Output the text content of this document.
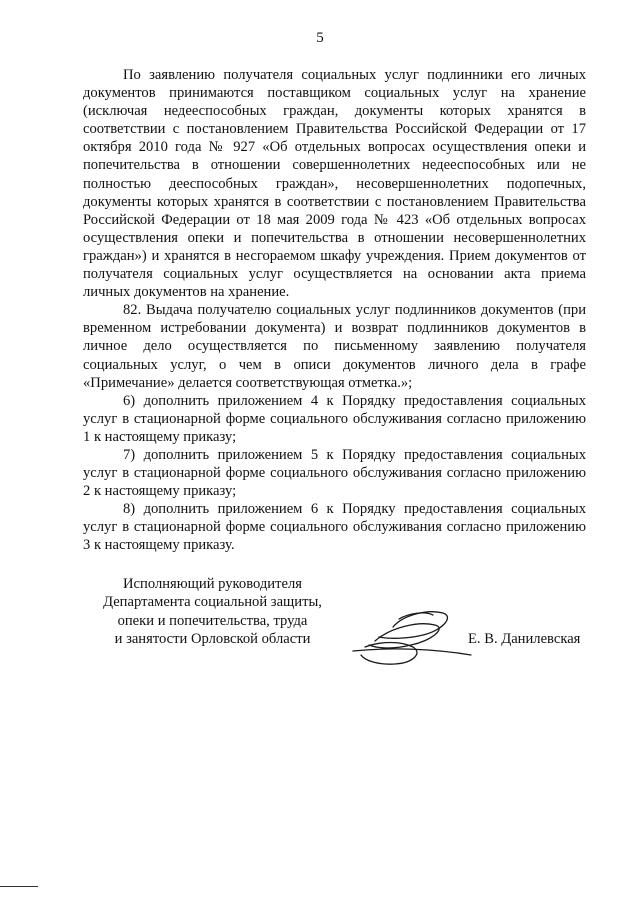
5

По заявлению получателя социальных услуг подлинники его личных документов принимаются поставщиком социальных услуг на хранение (исключая недееспособных граждан, документы которых хранятся в соответствии с постановлением Правительства Российской Федерации от 17 октября 2010 года № 927 «Об отдельных вопросах осуществления опеки и попечительства в отношении совершеннолетних недееспособных или не полностью дееспособных граждан», несовершеннолетних подопечных, документы которых хранятся в соответствии с постановлением Правительства Российской Федерации от 18 мая 2009 года № 423 «Об отдельных вопросах осуществления опеки и попечительства в отношении несовершеннолетних граждан») и хранятся в несгораемом шкафу учреждения. Прием документов от получателя социальных услуг осуществляется на основании акта приема личных документов на хранение.

82. Выдача получателю социальных услуг подлинников документов (при временном истребовании документа) и возврат подлинников документов в личное дело осуществляется по письменному заявлению получателя социальных услуг, о чем в описи документов личного дела в графе «Примечание» делается соответствующая отметка.»;

6) дополнить приложением 4 к Порядку предоставления социальных услуг в стационарной форме социального обслуживания согласно приложению 1 к настоящему приказу;

7) дополнить приложением 5 к Порядку предоставления социальных услуг в стационарной форме социального обслуживания согласно приложению 2 к настоящему приказу;

8) дополнить приложением 6 к Порядку предоставления социальных услуг в стационарной форме социального обслуживания согласно приложению 3 к настоящему приказу.

Исполняющий руководителя
Департамента социальной защиты,
опеки и попечительства, труда
и занятости Орловской области	Е. В. Данилевская
